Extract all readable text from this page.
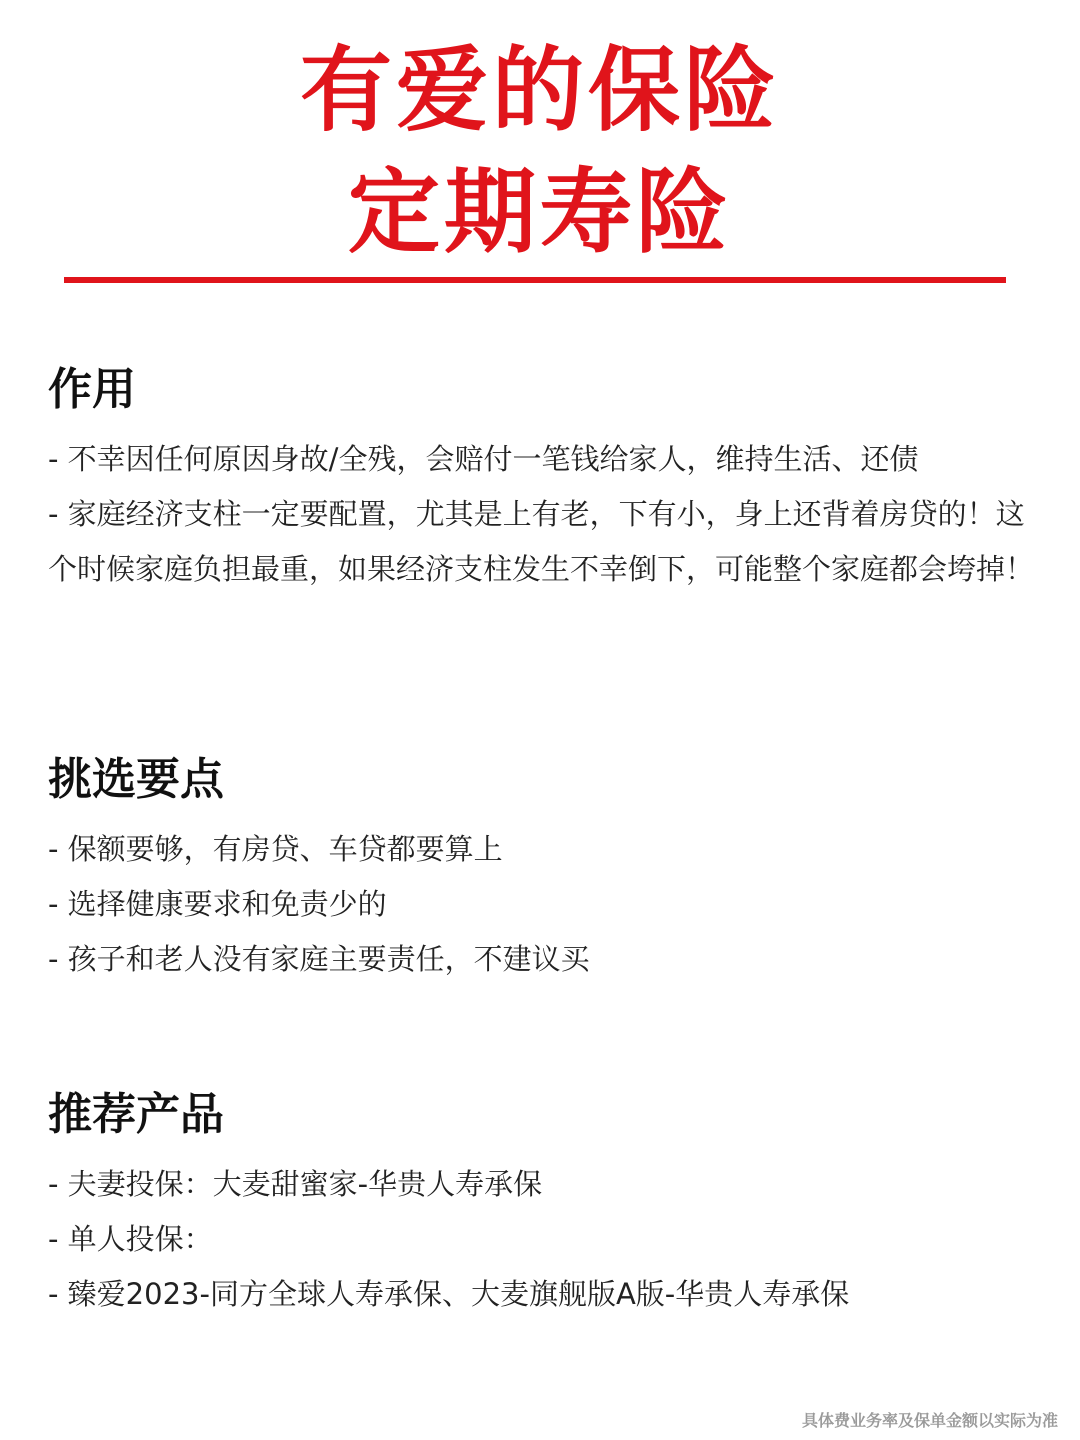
有爱的保险
定期寿险
作用

- 不幸因任何原因身故/全残，会赔付一笔钱给家人，维持生活、还债

- 家庭经济支柱一定要配置，尤其是上有老，下有小，身上还背着房贷的！这个时候家庭负担最重，如果经济支柱发生不幸倒下，可能整个家庭都会垮掉！

挑选要点

- 保额要够，有房贷、车贷都要算上

- 选择健康要求和免责少的

- 孩子和老人没有家庭主要责任，不建议买

推荐产品

- 夫妻投保：大麦甜蜜家-华贵人寿承保

- 单人投保：

- 臻爱2023-同方全球人寿承保、大麦旗舰版A版-华贵人寿承保

具体费业务率及保单金额以实际为准
